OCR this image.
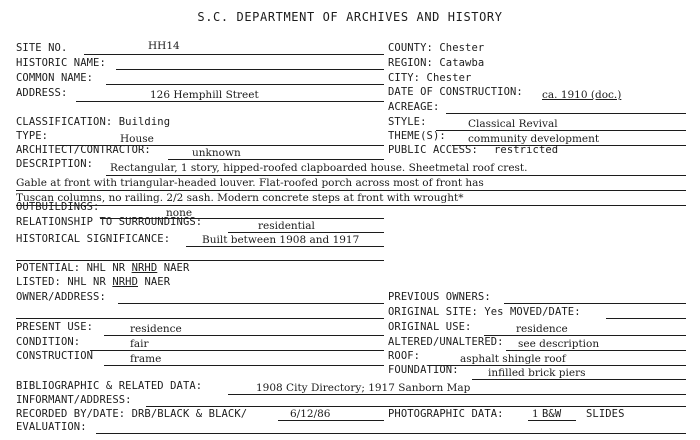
S.C. DEPARTMENT OF ARCHIVES AND HISTORY
SITE NO.	HH14
HISTORIC NAME:
COMMON NAME:
ADDRESS:	126 Hemphill Street
CLASSIFICATION: Building
TYPE:	House
ARCHITECT/CONTRACTOR:	unknown
DESCRIPTION: Rectangular, 1 story, hipped-roofed clapboarded house. Sheetmetal roof crest.
Gable at front with triangular-headed louver. Flat-roofed porch across most of front has
Tuscan columns, no railing. 2/2 sash. Modern concrete steps at front with wrought*
OUTBUILDINGS:	none
RELATIONSHIP TO SURROUNDINGS:	residential
HISTORICAL SIGNIFICANCE:	Built between 1908 and 1917
POTENTIAL: NHL NR NRHD NAER
LISTED: NHL NR NRHD NAER
OWNER/ADDRESS:
PRESENT USE:	residence
CONDITION:	fair
CONSTRUCTION	frame
COUNTY: Chester
REGION: Catawba
CITY: Chester
DATE OF CONSTRUCTION: ca. 1910 (doc.)
ACREAGE:
STYLE:	Classical Revival
THEME(S): community development
PUBLIC ACCESS: restricted
PREVIOUS OWNERS:
ORIGINAL SITE: Yes MOVED/DATE:
ORIGINAL USE:	residence
ALTERED/UNALTERED: see description
ROOF:	asphalt shingle roof
FOUNDATION:	infilled brick piers
BIBLIOGRAPHIC & RELATED DATA:	1908 City Directory; 1917 Sanborn Map
INFORMANT/ADDRESS:
RECORDED BY/DATE: DRB/BLACK & BLACK/	6/12/86	PHOTOGRAPHIC DATA:	1 B&W SLIDES
EVALUATION:
